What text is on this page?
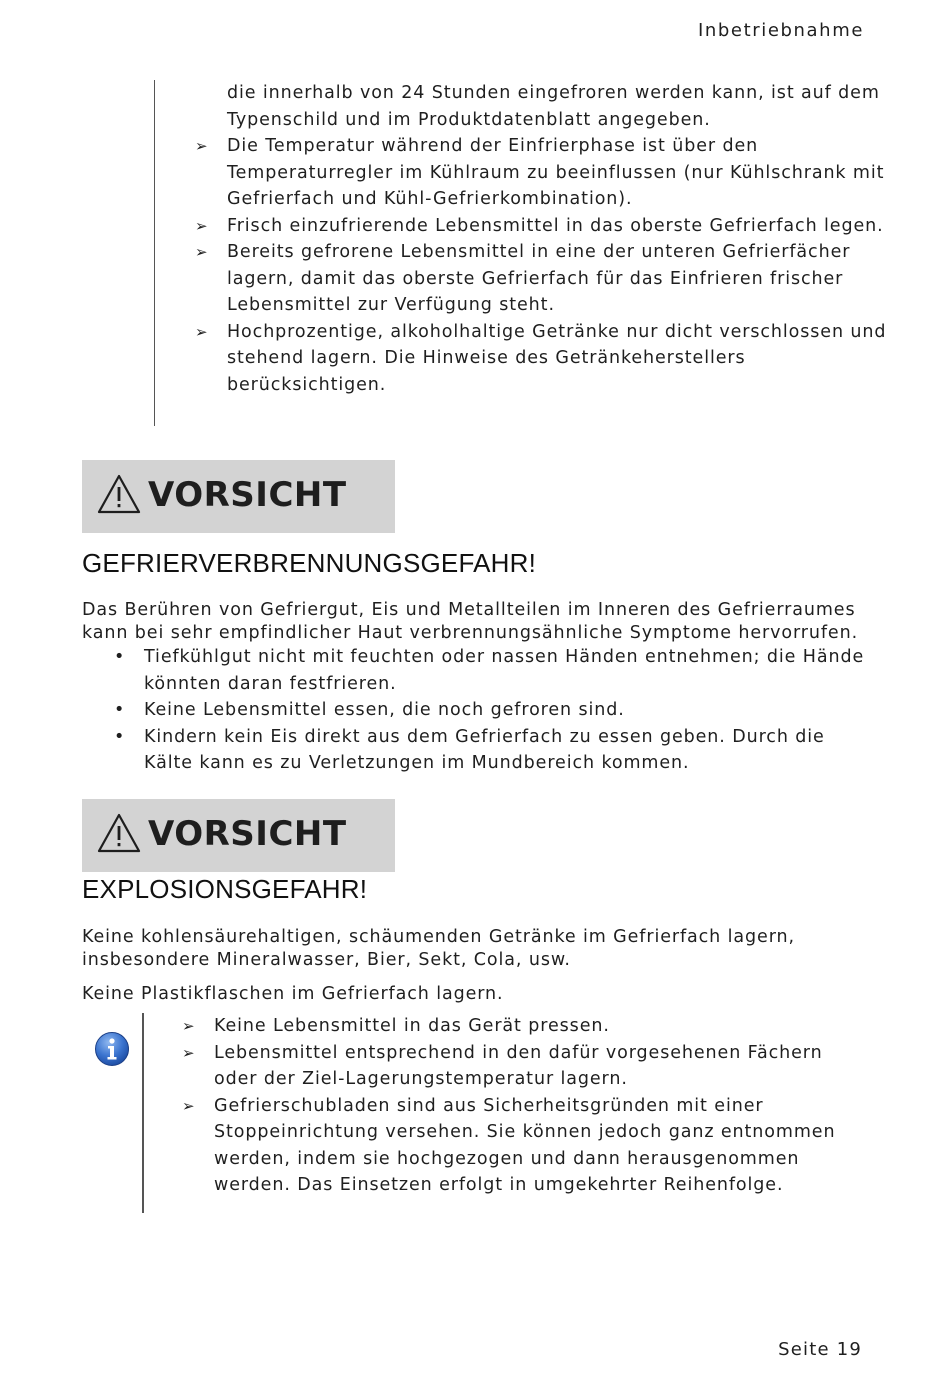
Inbetriebnahme
die innerhalb von 24 Stunden eingefroren werden kann, ist auf dem Typenschild und im Produktdatenblatt angegeben.
➢ Die Temperatur während der Einfrierphase ist über den Temperaturregler im Kühlraum zu beeinflussen (nur Kühlschrank mit Gefrierfach und Kühl-Gefrierkombination).
➢ Frisch einzufrierende Lebensmittel in das oberste Gefrierfach legen.
➢ Bereits gefrorene Lebensmittel in eine der unteren Gefrierfächer lagern, damit das oberste Gefrierfach für das Einfrieren frischer Lebensmittel zur Verfügung steht.
➢ Hochprozentige, alkoholhaltige Getränke nur dicht verschlossen und stehend lagern. Die Hinweise des Getränkeherstellers berücksichtigen.
VORSICHT
GEFRIERVERBRENNUNGSGEFAHR!
Das Berühren von Gefriergut, Eis und Metallteilen im Inneren des Gefrierraumes kann bei sehr empfindlicher Haut verbrennungsähnliche Symptome hervorrufen.
• Tiefkühlgut nicht mit feuchten oder nassen Händen entnehmen; die Hände könnten daran festfrieren.
• Keine Lebensmittel essen, die noch gefroren sind.
• Kindern kein Eis direkt aus dem Gefrierfach zu essen geben. Durch die Kälte kann es zu Verletzungen im Mundbereich kommen.
VORSICHT
EXPLOSIONSGEFAHR!
Keine kohlensäurehaltigen, schäumenden Getränke im Gefrierfach lagern, insbesondere Mineralwasser, Bier, Sekt, Cola, usw.
Keine Plastikflaschen im Gefrierfach lagern.
➢ Keine Lebensmittel in das Gerät pressen.
➢ Lebensmittel entsprechend in den dafür vorgesehenen Fächern oder der Ziel-Lagerungstemperatur lagern.
➢ Gefrierschubladen sind aus Sicherheitsgründen mit einer Stoppeinrichtung versehen. Sie können jedoch ganz entnommen werden, indem sie hochgezogen und dann herausgenommen werden. Das Einsetzen erfolgt in umgekehrter Reihenfolge.
Seite 19
